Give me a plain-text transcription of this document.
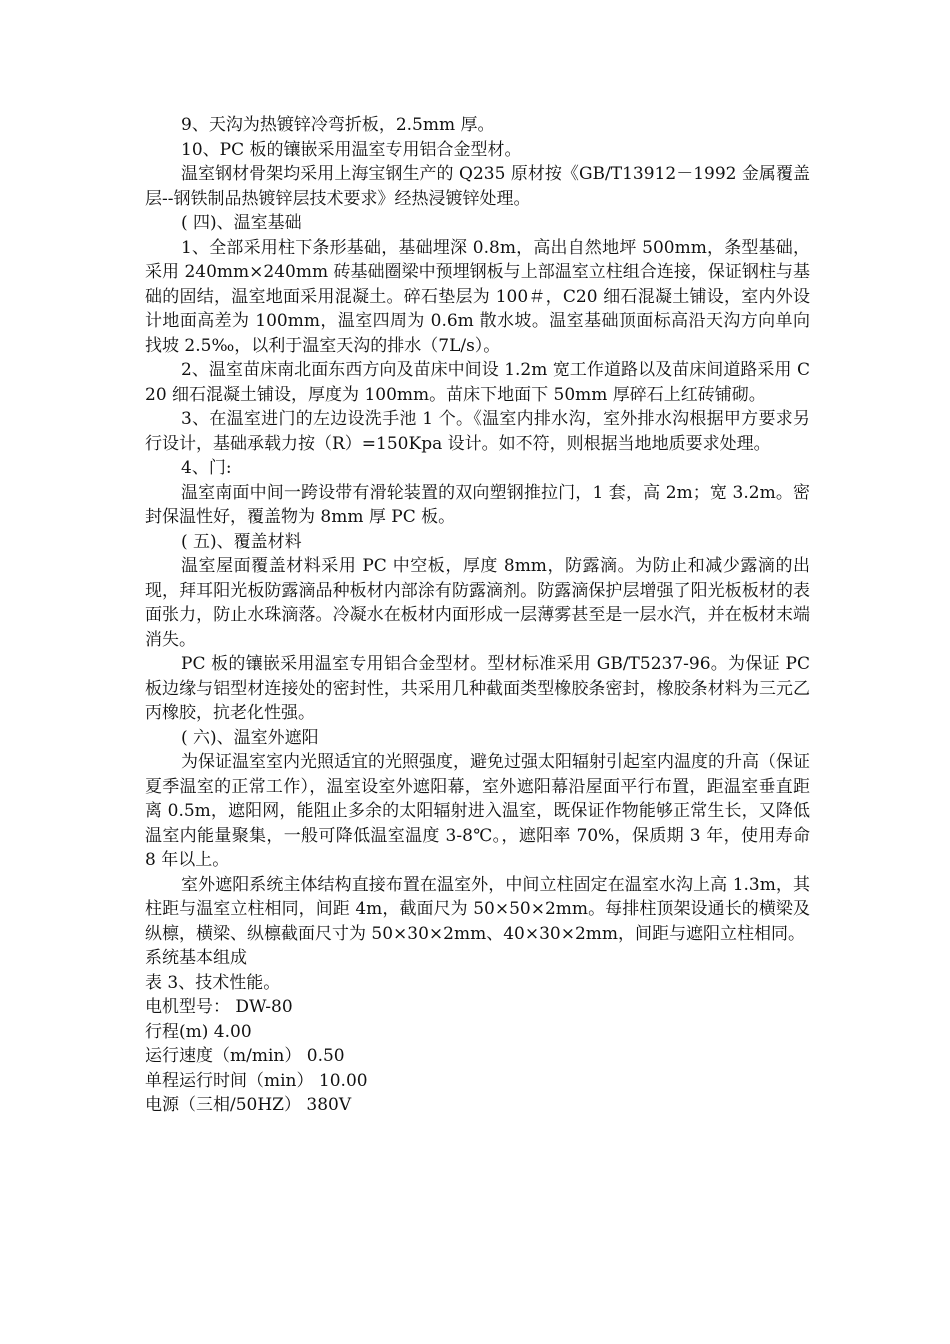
9、天沟为热镀锌冷弯折板，2.5mm 厚。

10、PC 板的镶嵌采用温室专用铝合金型材。

温室钢材骨架均采用上海宝钢生产的 Q235 原材按《GB/T13912－1992 金属覆盖层--钢铁制品热镀锌层技术要求》经热浸镀锌处理。

( 四)、温室基础

1、全部采用柱下条形基础，基础埋深 0.8m，高出自然地坪 500mm，条型基础，采用 240mm×240mm 砖基础圈梁中预埋钢板与上部温室立柱组合连接，保证钢柱与基础的固结，温室地面采用混凝土。碎石垫层为 100＃，C20 细石混凝土铺设，室内外设计地面高差为 100mm，温室四周为 0.6m 散水坡。温室基础顶面标高沿天沟方向单向找坡 2.5‰，以利于温室天沟的排水（7L/s）。

2、温室苗床南北面东西方向及苗床中间设 1.2m 宽工作道路以及苗床间道路采用 C20 细石混凝土铺设，厚度为 100mm。苗床下地面下 50mm 厚碎石上红砖铺砌。

3、在温室进门的左边设洗手池 1 个。《温室内排水沟，室外排水沟根据甲方要求另行设计，基础承载力按（R）=150Kpa 设计。如不符，则根据当地地质要求处理。

4、门:

温室南面中间一跨设带有滑轮装置的双向塑钢推拉门，1 套，高 2m；宽 3.2m。密封保温性好，覆盖物为 8mm 厚 PC 板。

( 五)、覆盖材料

温室屋面覆盖材料采用 PC 中空板，厚度 8mm，防露滴。为防止和减少露滴的出现，拜耳阳光板防露滴品种板材内部涂有防露滴剂。防露滴保护层增强了阳光板板材的表面张力，防止水珠滴落。冷凝水在板材内面形成一层薄雾甚至是一层水汽，并在板材末端消失。

PC 板的镶嵌采用温室专用铝合金型材。型材标准采用 GB/T5237-96。为保证 PC 板边缘与铝型材连接处的密封性，共采用几种截面类型橡胶条密封，橡胶条材料为三元乙丙橡胶，抗老化性强。

( 六)、温室外遮阳

为保证温室室内光照适宜的光照强度，避免过强太阳辐射引起室内温度的升高（保证夏季温室的正常工作），温室设室外遮阳幕，室外遮阳幕沿屋面平行布置，距温室垂直距离 0.5m，遮阳网，能阻止多余的太阳辐射进入温室，既保证作物能够正常生长，又降低温室内能量聚集，一般可降低温室温度 3-8℃。，遮阳率 70%，保质期 3 年，使用寿命 8 年以上。

室外遮阳系统主体结构直接布置在温室外，中间立柱固定在温室水沟上高 1.3m，其柱距与温室立柱相同，间距 4m，截面尺为 50×50×2mm。每排柱顶架设通长的横梁及纵檩，横梁、纵檩截面尺寸为 50×30×2mm、40×30×2mm，间距与遮阳立柱相同。

系统基本组成

表 3、技术性能。

电机型号： DW-80

行程(m) 4.00

运行速度（m/min） 0.50

单程运行时间（min） 10.00

电源（三相/50HZ） 380V
